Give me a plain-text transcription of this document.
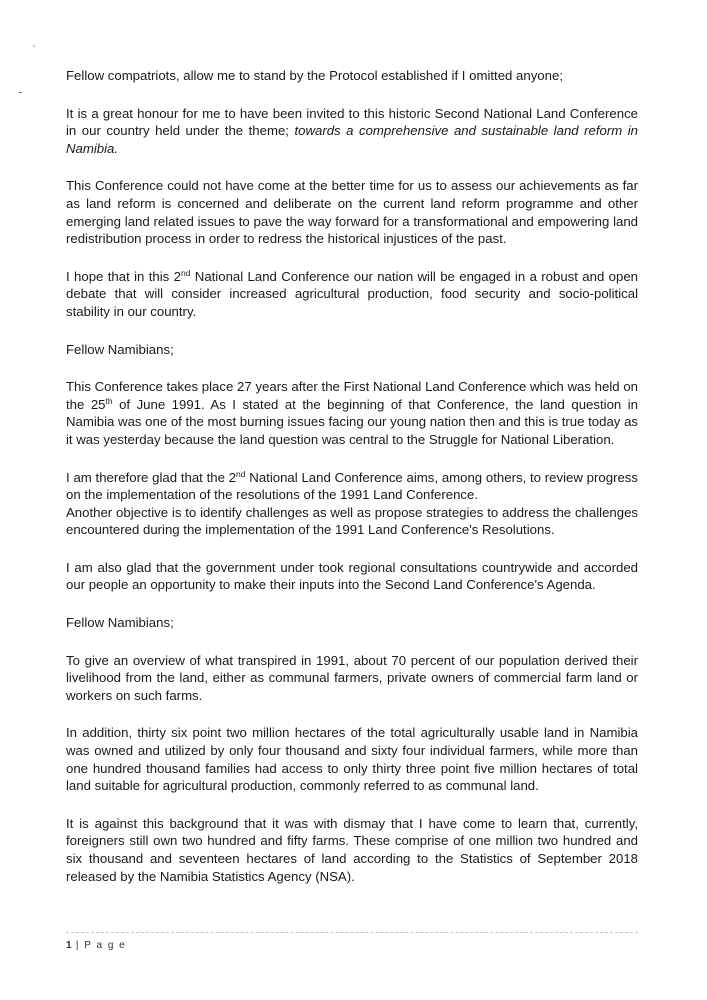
‘

Fellow compatriots, allow me to stand by the Protocol established if I omitted anyone;

It is a great honour for me to have been invited to this historic Second National Land Conference in our country held under the theme; towards a comprehensive and sustainable land reform in Namibia.

This Conference could not have come at the better time for us to assess our achievements as far as land reform is concerned and deliberate on the current land reform programme and other emerging land related issues to pave the way forward for a transformational and empowering land redistribution process in order to redress the historical injustices of the past.

I hope that in this 2nd National Land Conference our nation will be engaged in a robust and open debate that will consider increased agricultural production, food security and socio-political stability in our country.

Fellow Namibians;

This Conference takes place 27 years after the First National Land Conference which was held on the 25th of June 1991. As I stated at the beginning of that Conference, the land question in Namibia was one of the most burning issues facing our young nation then and this is true today as it was yesterday because the land question was central to the Struggle for National Liberation.

I am therefore glad that the 2nd National Land Conference aims, among others, to review progress on the implementation of the resolutions of the 1991 Land Conference.

Another objective is to identify challenges as well as propose strategies to address the challenges encountered during the implementation of the 1991 Land Conference's Resolutions.

I am also glad that the government under took regional consultations countrywide and accorded our people an opportunity to make their inputs into the Second Land Conference's Agenda.

Fellow Namibians;

To give an overview of what transpired in 1991, about 70 percent of our population derived their livelihood from the land, either as communal farmers, private owners of commercial farm land or workers on such farms.

In addition, thirty six point two million hectares of the total agriculturally usable land in Namibia was owned and utilized by only four thousand and sixty four individual farmers, while more than one hundred thousand families had access to only thirty three point five million hectares of total land suitable for agricultural production, commonly referred to as communal land.

It is against this background that it was with dismay that I have come to learn that, currently, foreigners still own two hundred and fifty farms. These comprise of one million two hundred and six thousand and seventeen hectares of land according to the Statistics of September 2018 released by the Namibia Statistics Agency (NSA).

1 | P a g e
